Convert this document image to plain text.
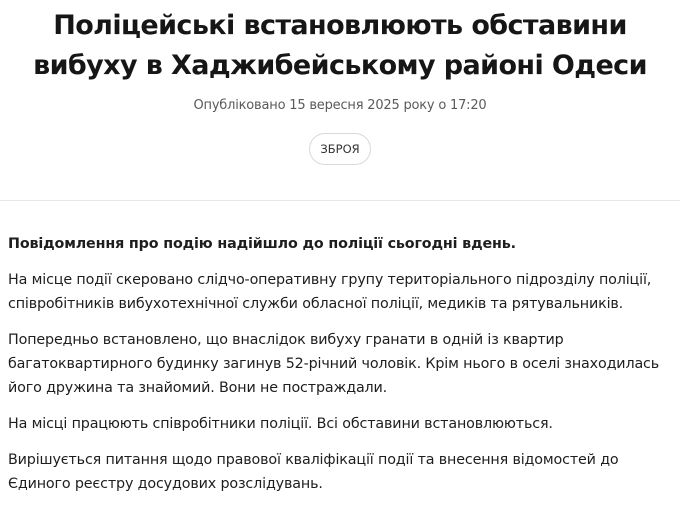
Поліцейські встановлюють обставини вибуху в Хаджибейському районі Одеси
Опубліковано 15 вересня 2025 року о 17:20
ЗБРОЯ

Повідомлення про подію надійшло до поліції сьогодні вдень.

На місце події скеровано слідчо-оперативну групу територіального підрозділу поліції, співробітників вибухотехнічної служби обласної поліції, медиків та рятувальників.

Попередньо встановлено, що внаслідок вибуху гранати в одній із квартир багатоквартирного будинку загинув 52-річний чоловік. Крім нього в оселі знаходилась його дружина та знайомий. Вони не постраждали.

На місці працюють співробітники поліції. Всі обставини встановлюються.

Вирішується питання щодо правової кваліфікації події та внесення відомостей до Єдиного реєстру досудових розслідувань.
